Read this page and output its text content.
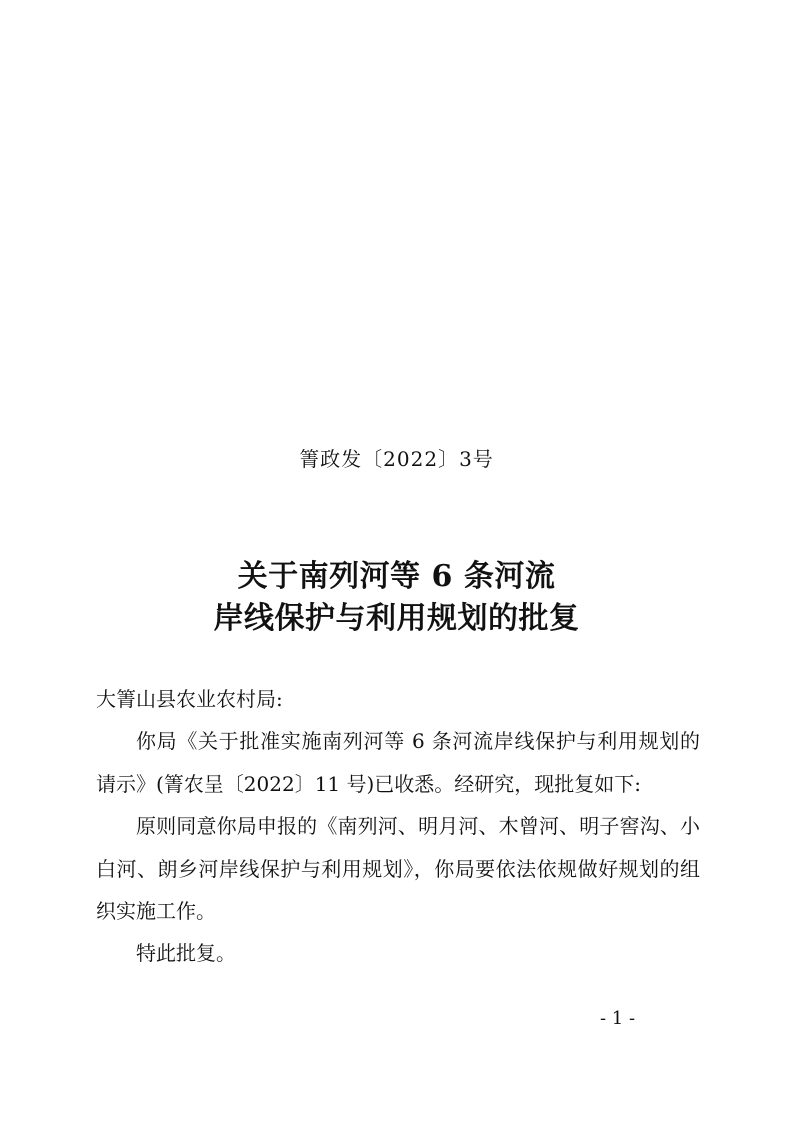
箐政发〔2022〕3号
关于南列河等 6 条河流
岸线保护与利用规划的批复

大箐山县农业农村局:

你局《关于批准实施南列河等 6 条河流岸线保护与利用规划的请示》(箐农呈〔2022〕11 号)已收悉。经研究，现批复如下:

原则同意你局申报的《南列河、明月河、木曾河、明子窖沟、小白河、朗乡河岸线保护与利用规划》，你局要依法依规做好规划的组织实施工作。

特此批复。

- 1 -
